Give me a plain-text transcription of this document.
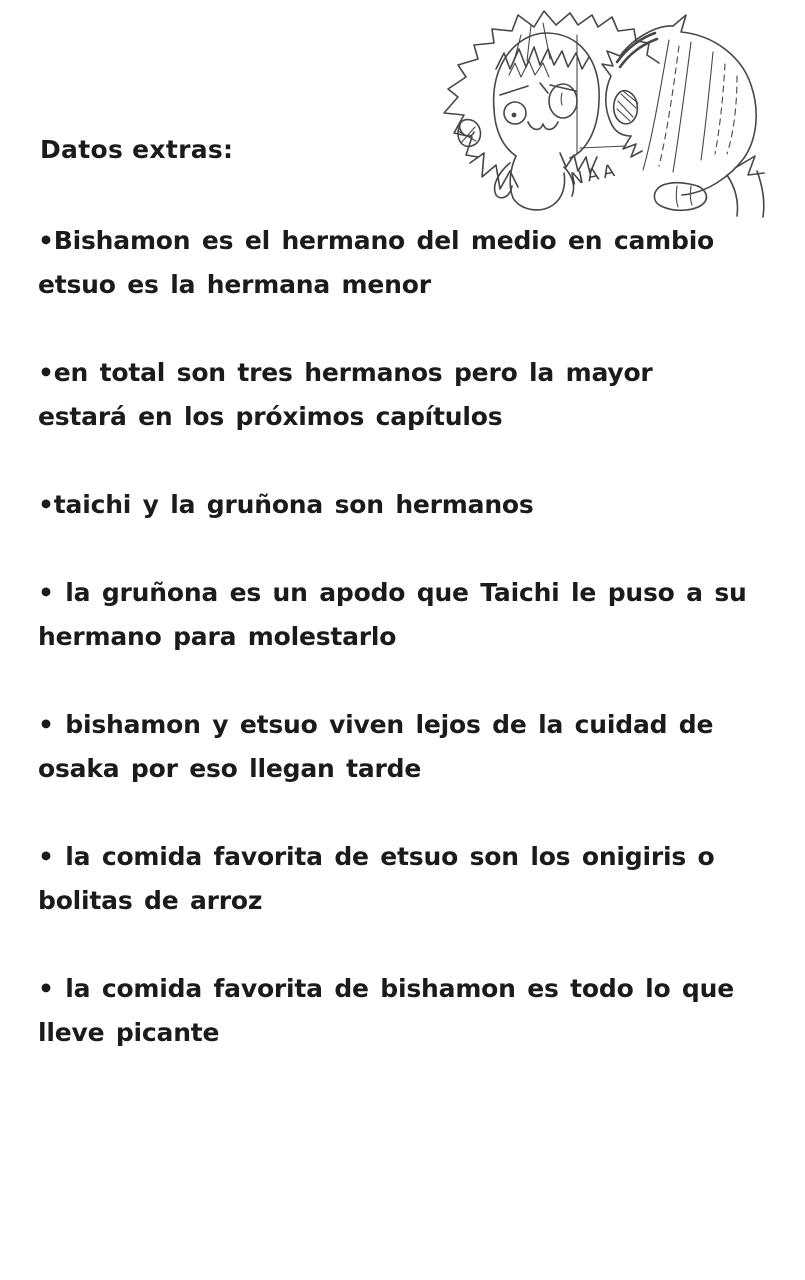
NAA
Datos extras:

•Bishamon es el hermano del medio en cambio

etsuo es la hermana menor

•en total son tres hermanos pero la mayor

estará en los próximos capítulos

•taichi y la gruñona son hermanos

• la gruñona es un apodo que Taichi le puso a su

hermano para molestarlo

• bishamon y etsuo viven lejos de la cuidad de

osaka por eso llegan tarde

• la comida favorita de etsuo son los onigiris o

bolitas de arroz

• la comida favorita de bishamon es todo lo que

lleve picante
